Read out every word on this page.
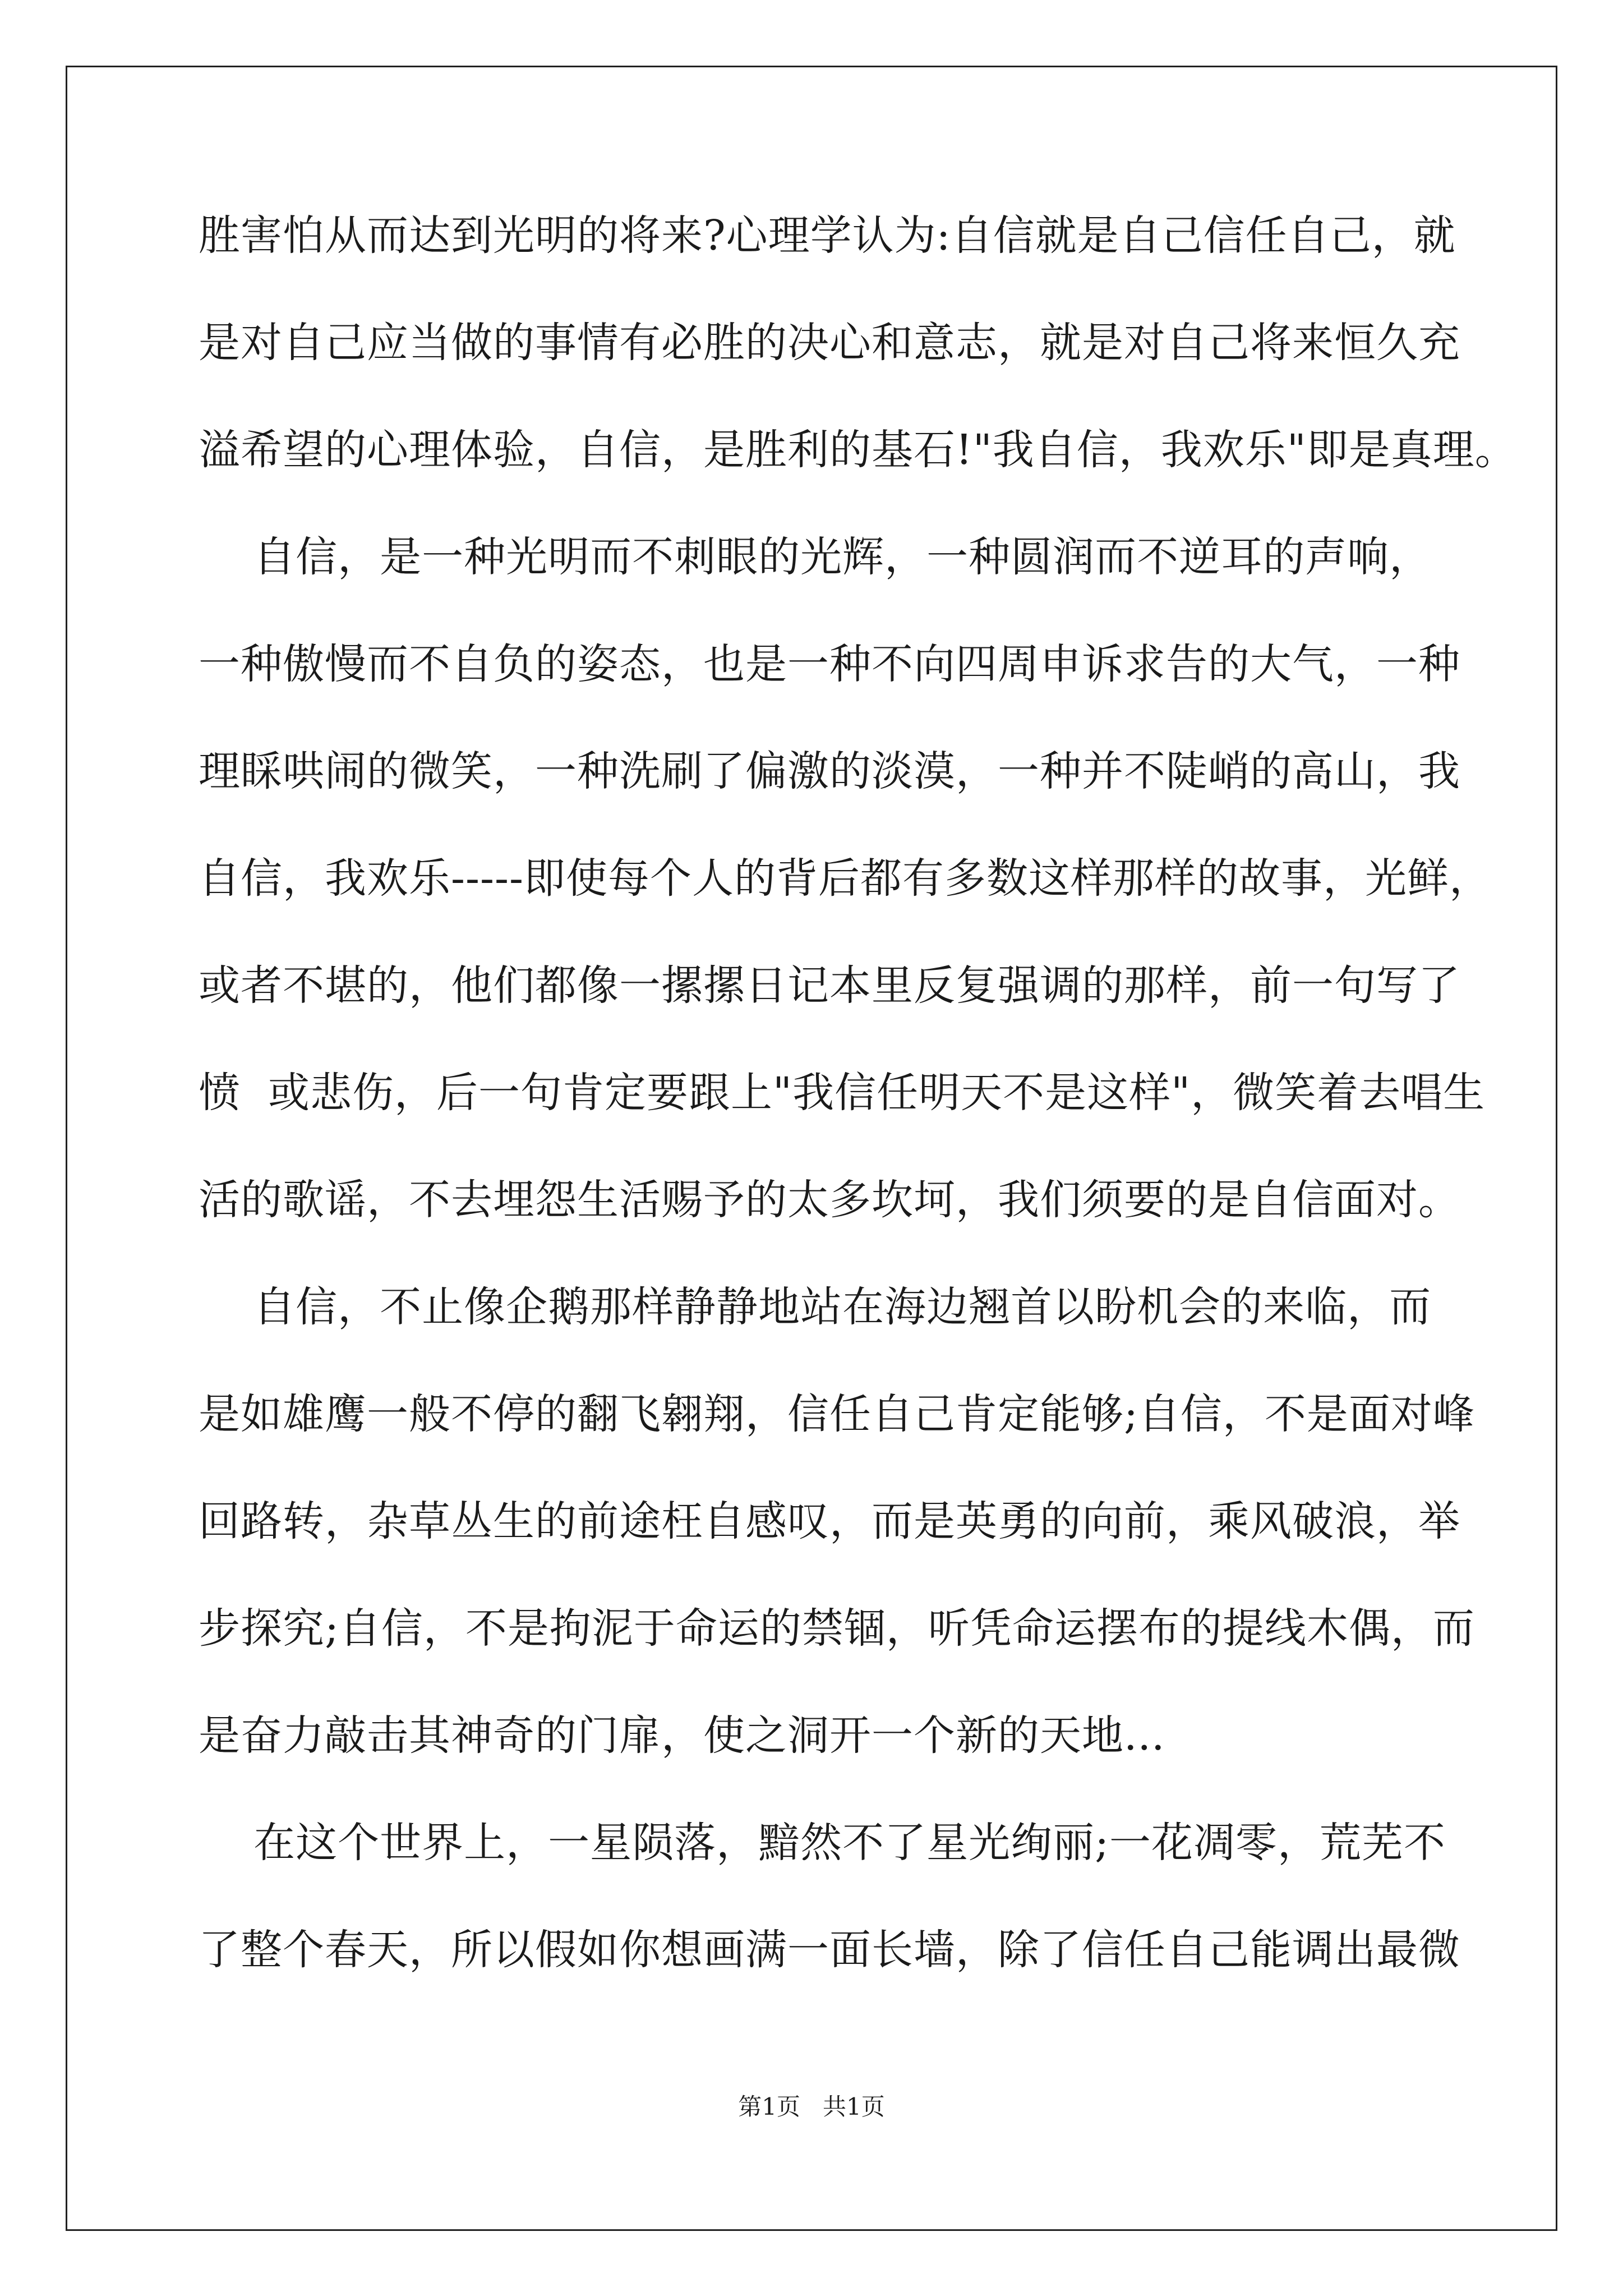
胜害怕从而达到光明的将来?心理学认为:自信就是自己信任自己，就
是对自己应当做的事情有必胜的决心和意志，就是对自己将来恒久充
溢希望的心理体验，自信，是胜利的基石!"我自信，我欢乐"即是真理。
自信，是一种光明而不刺眼的光辉，一种圆润而不逆耳的声响，
一种傲慢而不自负的姿态，也是一种不向四周申诉求告的大气，一种
理睬哄闹的微笑，一种洗刷了偏激的淡漠，一种并不陡峭的高山，我
自信，我欢乐-----即使每个人的背后都有多数这样那样的故事，光鲜，
或者不堪的，他们都像一摞摞日记本里反复强调的那样，前一句写了
愤  或悲伤，后一句肯定要跟上"我信任明天不是这样"，微笑着去唱生
活的歌谣，不去埋怨生活赐予的太多坎坷，我们须要的是自信面对。
自信，不止像企鹅那样静静地站在海边翘首以盼机会的来临，而
是如雄鹰一般不停的翻飞翱翔，信任自己肯定能够;自信，不是面对峰
回路转，杂草丛生的前途枉自感叹，而是英勇的向前，乘风破浪，举
步探究;自信，不是拘泥于命运的禁锢，听凭命运摆布的提线木偶，而
是奋力敲击其神奇的门扉，使之洞开一个新的天地...
在这个世界上，一星陨落，黯然不了星光绚丽;一花凋零，荒芜不
了整个春天，所以假如你想画满一面长墙，除了信任自己能调出最微
第1页   共1页
